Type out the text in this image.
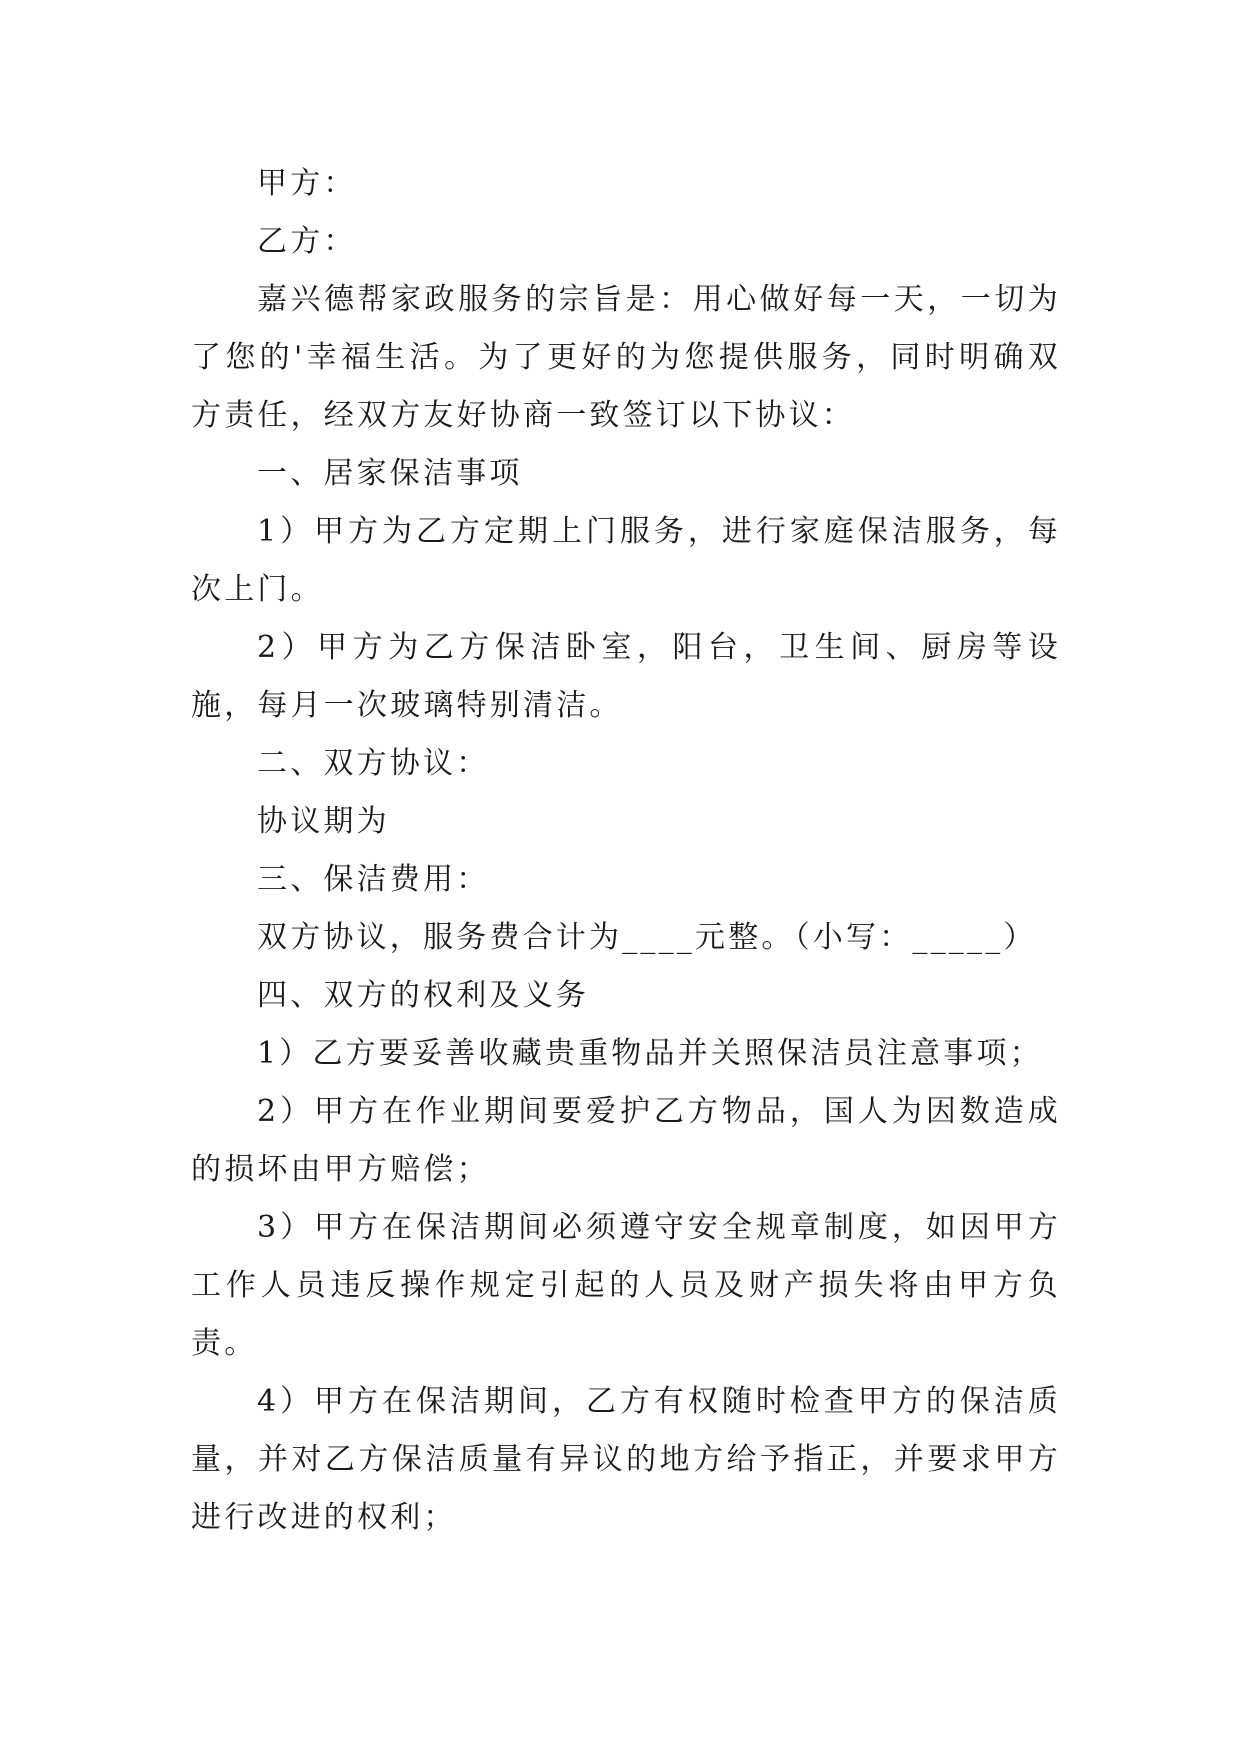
甲方：

乙方：

嘉兴德帮家政服务的宗旨是：用心做好每一天，一切为了您的'幸福生活。为了更好的为您提供服务，同时明确双方责任，经双方友好协商一致签订以下协议：

一、居家保洁事项

1）甲方为乙方定期上门服务，进行家庭保洁服务，每次上门。

2）甲方为乙方保洁卧室，阳台，卫生间、厨房等设施，每月一次玻璃特别清洁。

二、双方协议：

协议期为

三、保洁费用：

双方协议，服务费合计为____元整。（小写：_____）

四、双方的权利及义务

1）乙方要妥善收藏贵重物品并关照保洁员注意事项；

2）甲方在作业期间要爱护乙方物品，国人为因数造成的损坏由甲方赔偿；

3）甲方在保洁期间必须遵守安全规章制度，如因甲方工作人员违反操作规定引起的人员及财产损失将由甲方负责。

4）甲方在保洁期间，乙方有权随时检查甲方的保洁质量，并对乙方保洁质量有异议的地方给予指正，并要求甲方进行改进的权利；
